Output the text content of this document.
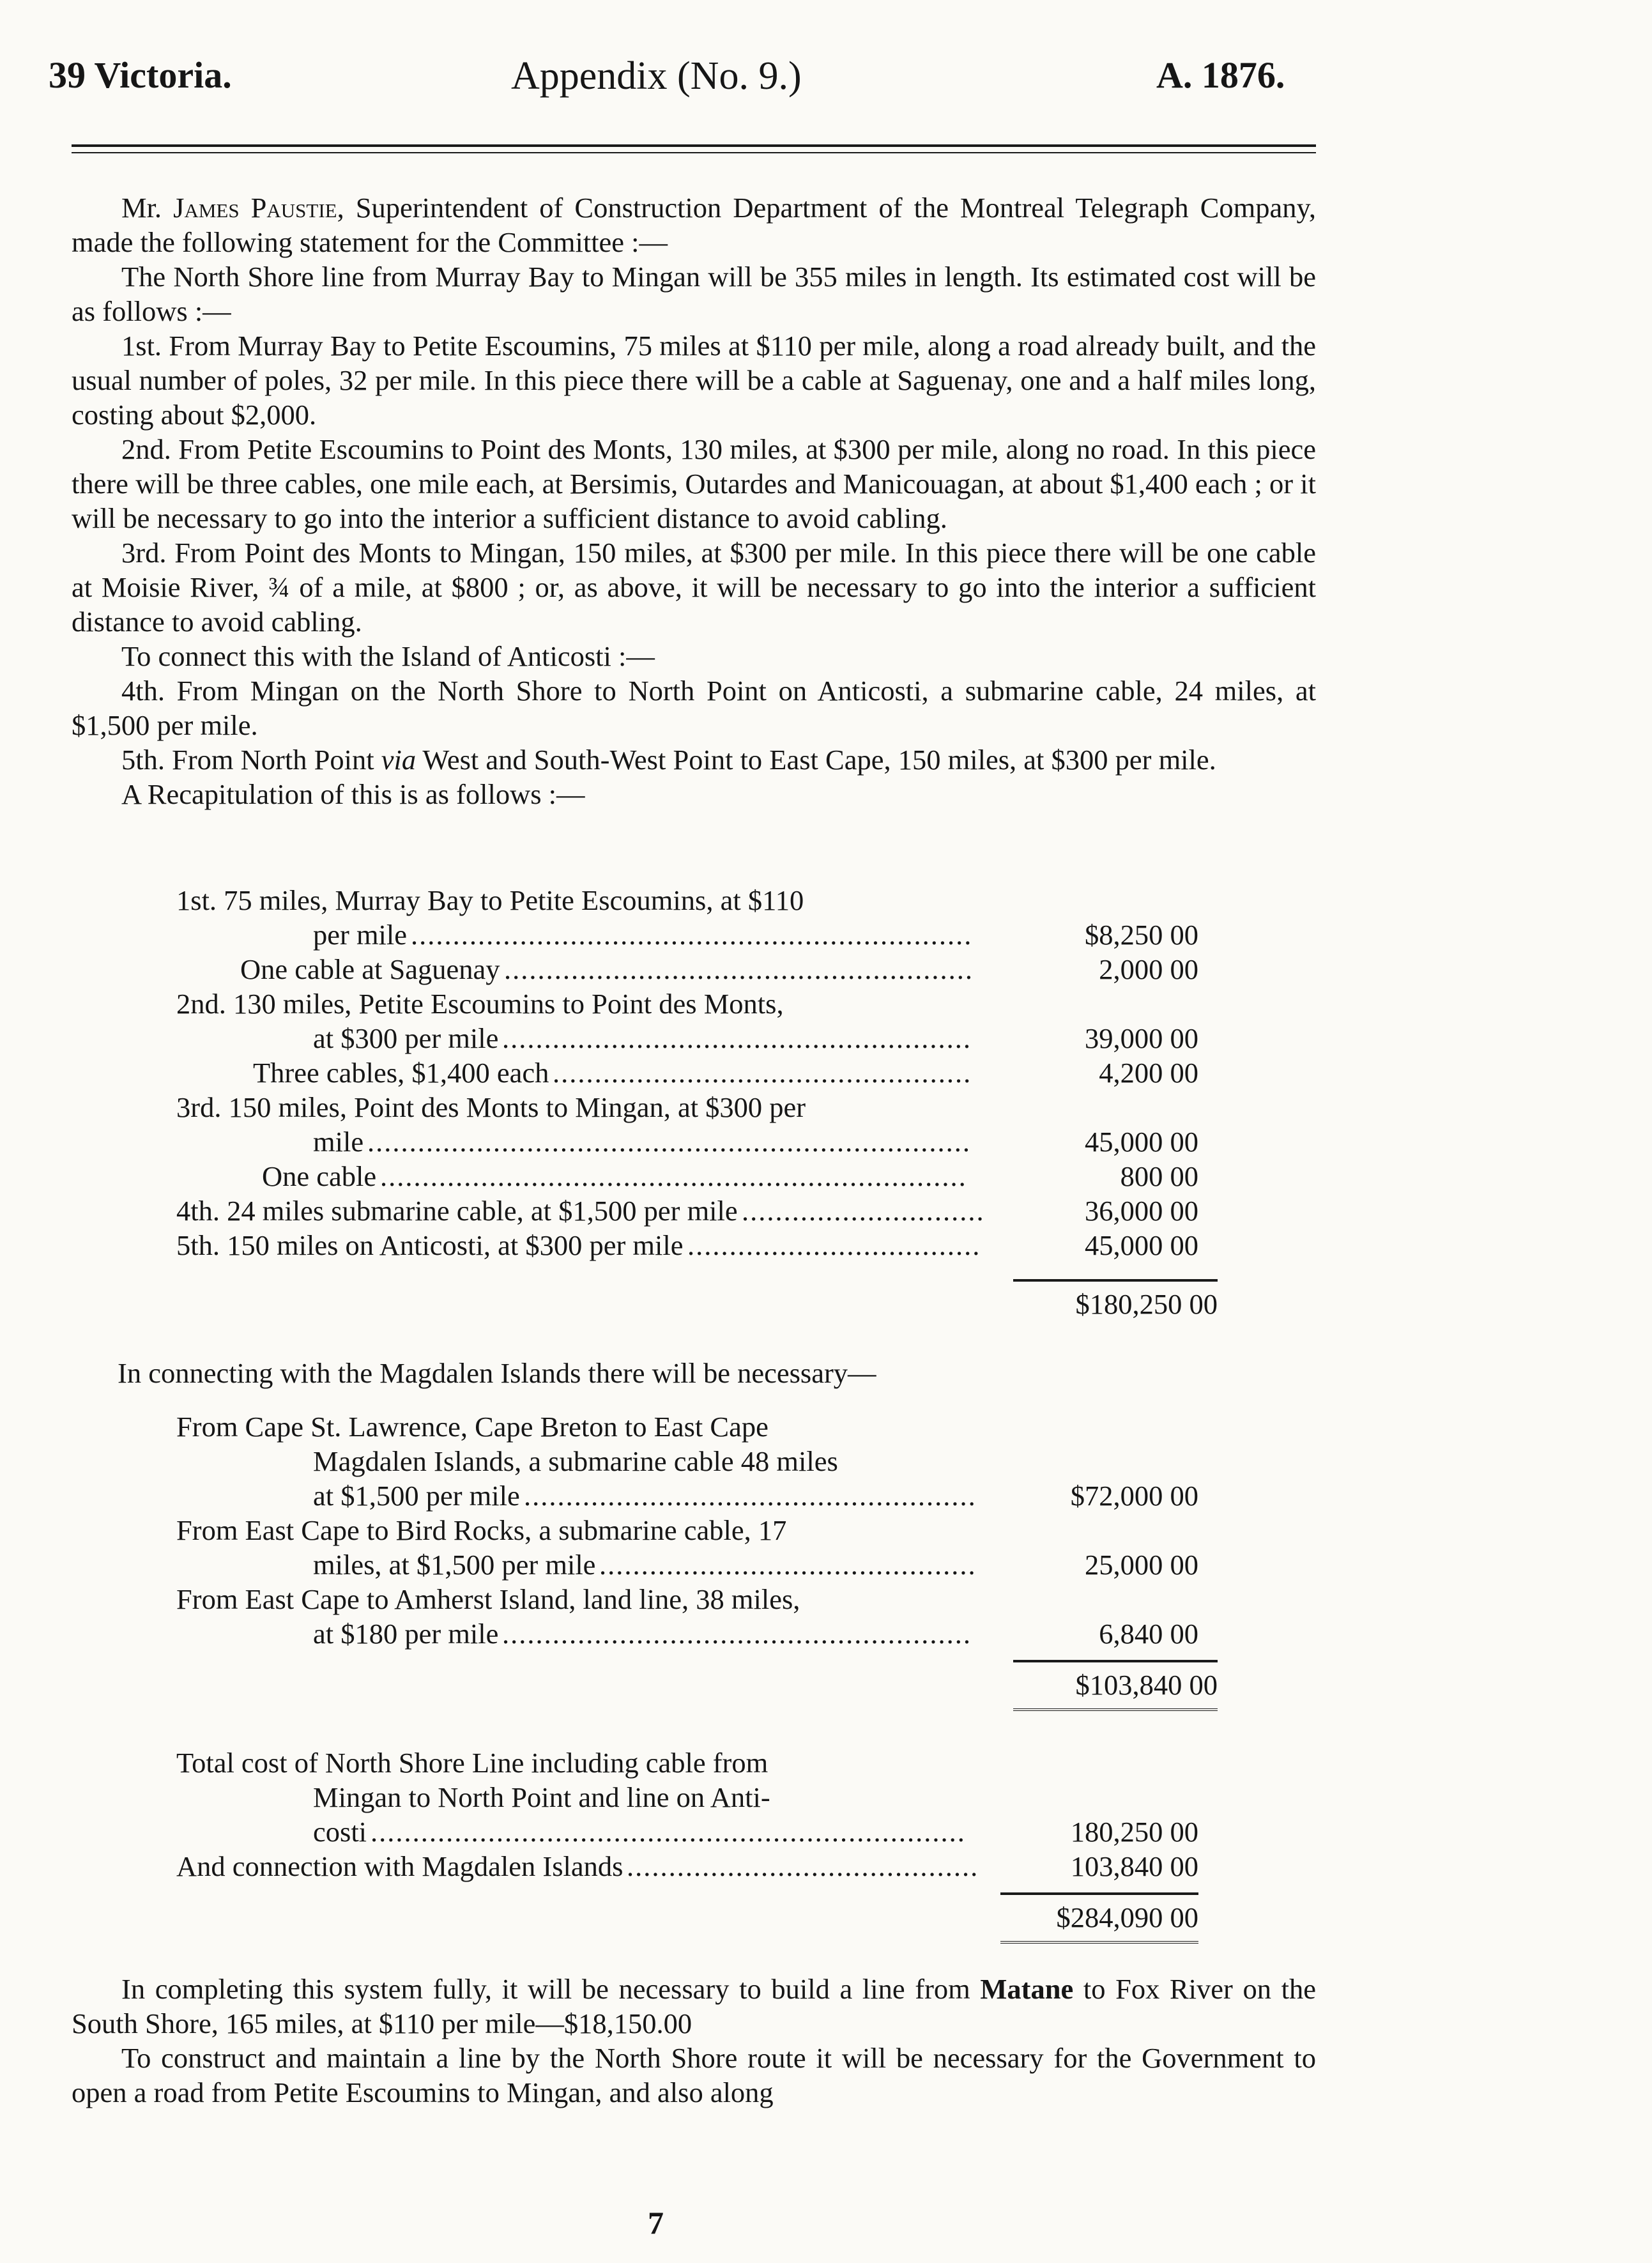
39 Victoria.	Appendix (No. 9.)	A. 1876.

Mr. James Paustie, Superintendent of Construction Department of the Montreal Telegraph Company, made the following statement for the Committee :—

The North Shore line from Murray Bay to Mingan will be 355 miles in length. Its estimated cost will be as follows :—

1st. From Murray Bay to Petite Escoumins, 75 miles at $110 per mile, along a road already built, and the usual number of poles, 32 per mile. In this piece there will be a cable at Saguenay, one and a half miles long, costing about $2,000.

2nd. From Petite Escoumins to Point des Monts, 130 miles, at $300 per mile, along no road. In this piece there will be three cables, one mile each, at Bersimis, Outardes and Manicouagan, at about $1,400 each ; or it will be necessary to go into the interior a sufficient distance to avoid cabling.

3rd. From Point des Monts to Mingan, 150 miles, at $300 per mile. In this piece there will be one cable at Moisie River, ¾ of a mile, at $800 ; or, as above, it will be necessary to go into the interior a sufficient distance to avoid cabling.

To connect this with the Island of Anticosti :—

4th. From Mingan on the North Shore to North Point on Anticosti, a submarine cable, 24 miles, at $1,500 per mile.

5th. From North Point via West and South-West Point to East Cape, 150 miles, at $300 per mile.

A Recapitulation of this is as follows :—

1st. 75 miles, Murray Bay to Petite Escoumins, at $110
per mile ...................................................................	$8,250 00
One cable at Saguenay ........................................................	2,000 00
2nd. 130 miles, Petite Escoumins to Point des Monts,
at $300 per mile ........................................................	39,000 00
Three cables, $1,400 each ..................................................	4,200 00
3rd. 150 miles, Point des Monts to Mingan, at $300 per
mile ........................................................................	45,000 00
One cable ......................................................................	800 00
4th. 24 miles submarine cable, at $1,500 per mile .............................	36,000 00
5th. 150 miles on Anticosti, at $300 per mile ...................................	45,000 00
$180,250 00
In connecting with the Magdalen Islands there will be necessary—
From Cape St. Lawrence, Cape Breton to East Cape
Magdalen Islands, a submarine cable 48 miles
at $1,500 per mile ......................................................	$72,000 00
From East Cape to Bird Rocks, a submarine cable, 17
miles, at $1,500 per mile .............................................	25,000 00
From East Cape to Amherst Island, land line, 38 miles,
at $180 per mile ........................................................	6,840 00
$103,840 00
Total cost of North Shore Line including cable from
Mingan to North Point and line on Anti-
costi .......................................................................	180,250 00
And connection with Magdalen Islands ..........................................	103,840 00
$284,090 00

In completing this system fully, it will be necessary to build a line from Matane to Fox River on the South Shore, 165 miles, at $110 per mile—$18,150.00

To construct and maintain a line by the North Shore route it will be necessary for the Government to open a road from Petite Escoumins to Mingan, and also along

7
